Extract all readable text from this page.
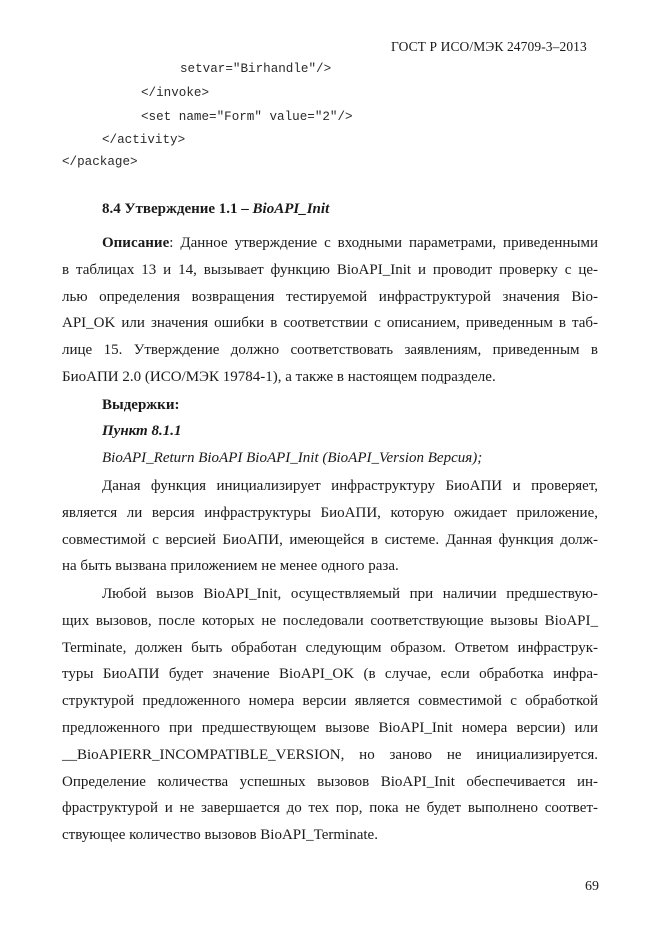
ГОСТ Р ИСО/МЭК 24709-3–2013
setvar="Birhandle"/>
</invoke>
<set name="Form" value="2"/>
</activity>
</package>
8.4 Утверждение 1.1 – BioAPI_Init
Описание: Данное утверждение с входными параметрами, приведенными
в таблицах 13 и 14, вызывает функцию BioAPI_Init и проводит проверку с це-
лью определения возвращения тестируемой инфраструктурой значения Bio-
API_OK или значения ошибки в соответствии с описанием, приведенным в таб-
лице 15. Утверждение должно соответствовать заявлениям, приведенным в
БиоАПИ 2.0 (ИСО/МЭК 19784-1), а также в настоящем подразделе.
Выдержки:
Пункт 8.1.1
BioAPI_Return BioAPI BioAPI_Init (BioAPI_Version Версия);
Даная функция инициализирует инфраструктуру БиоАПИ и проверяет,
является ли версия инфраструктуры БиоАПИ, которую ожидает приложение,
совместимой с версией БиоАПИ, имеющейся в системе. Данная функция долж-
на быть вызвана приложением не менее одного раза.
Любой вызов BioAPI_Init, осуществляемый при наличии предшествую-
щих вызовов, после которых не последовали соответствующие вызовы BioAPI_
Terminate, должен быть обработан следующим образом. Ответом инфраструк-
туры БиоАПИ будет значение BioAPI_OK (в случае, если обработка инфра-
структурой предложенного номера версии является совместимой с обработкой
предложенного при предшествующем вызове BioAPI_Init номера версии) или
__BioAPIERR_INCOMPATIBLE_VERSION, но заново не инициализируется.
Определение количества успешных вызовов BioAPI_Init обеспечивается ин-
фраструктурой и не завершается до тех пор, пока не будет выполнено соответ-
ствующее количество вызовов BioAPI_Terminate.
69
